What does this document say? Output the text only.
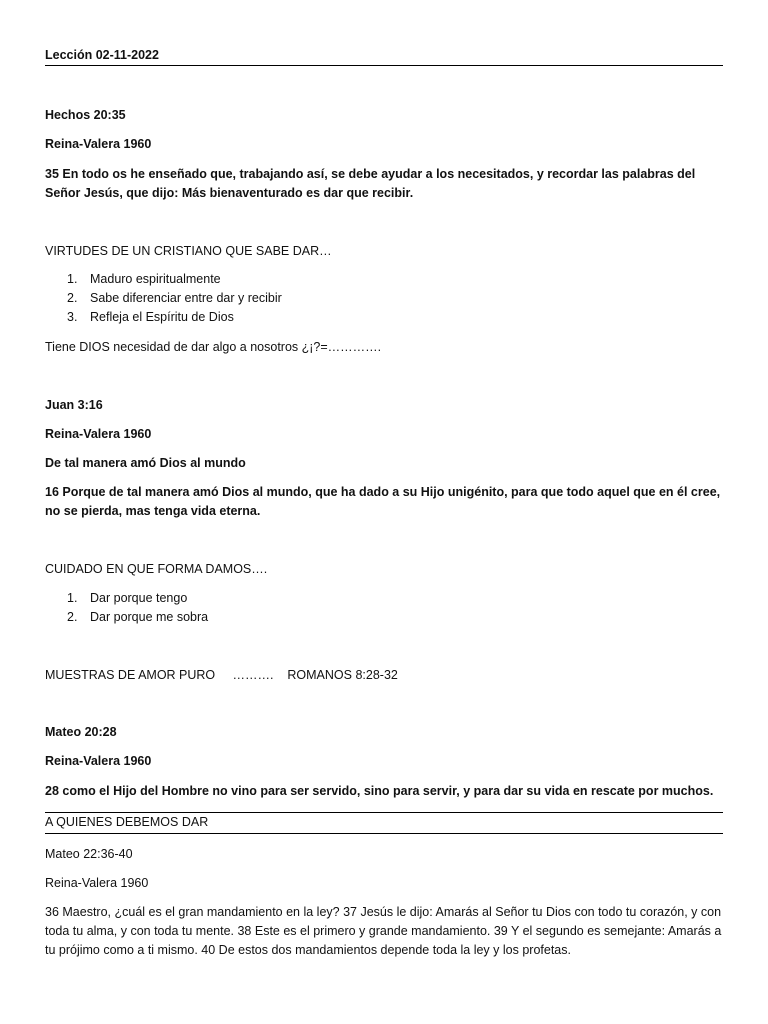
Lección 02-11-2022
Hechos 20:35
Reina-Valera 1960
35 En todo os he enseñado que, trabajando así, se debe ayudar a los necesitados, y recordar las palabras del Señor Jesús, que dijo: Más bienaventurado es dar que recibir.
VIRTUDES DE UN CRISTIANO QUE SABE DAR…
1. Maduro espiritualmente
2. Sabe diferenciar entre dar y recibir
3. Refleja el Espíritu de Dios
Tiene DIOS necesidad de dar algo a nosotros ¿¡?=………….
Juan 3:16
Reina-Valera 1960
De tal manera amó Dios al mundo
16 Porque de tal manera amó Dios al mundo, que ha dado a su Hijo unigénito, para que todo aquel que en él cree, no se pierda, mas tenga vida eterna.
CUIDADO EN QUE FORMA DAMOS….
1. Dar porque tengo
2. Dar porque me sobra
MUESTRAS DE AMOR PURO     ……….    ROMANOS 8:28-32
Mateo 20:28
Reina-Valera 1960
28 como el Hijo del Hombre no vino para ser servido, sino para servir, y para dar su vida en rescate por muchos.
A QUIENES DEBEMOS DAR
Mateo 22:36-40
Reina-Valera 1960
36 Maestro, ¿cuál es el gran mandamiento en la ley? 37 Jesús le dijo: Amarás al Señor tu Dios con todo tu corazón, y con toda tu alma, y con toda tu mente. 38 Este es el primero y grande mandamiento. 39 Y el segundo es semejante: Amarás a tu prójimo como a ti mismo. 40 De estos dos mandamientos depende toda la ley y los profetas.
